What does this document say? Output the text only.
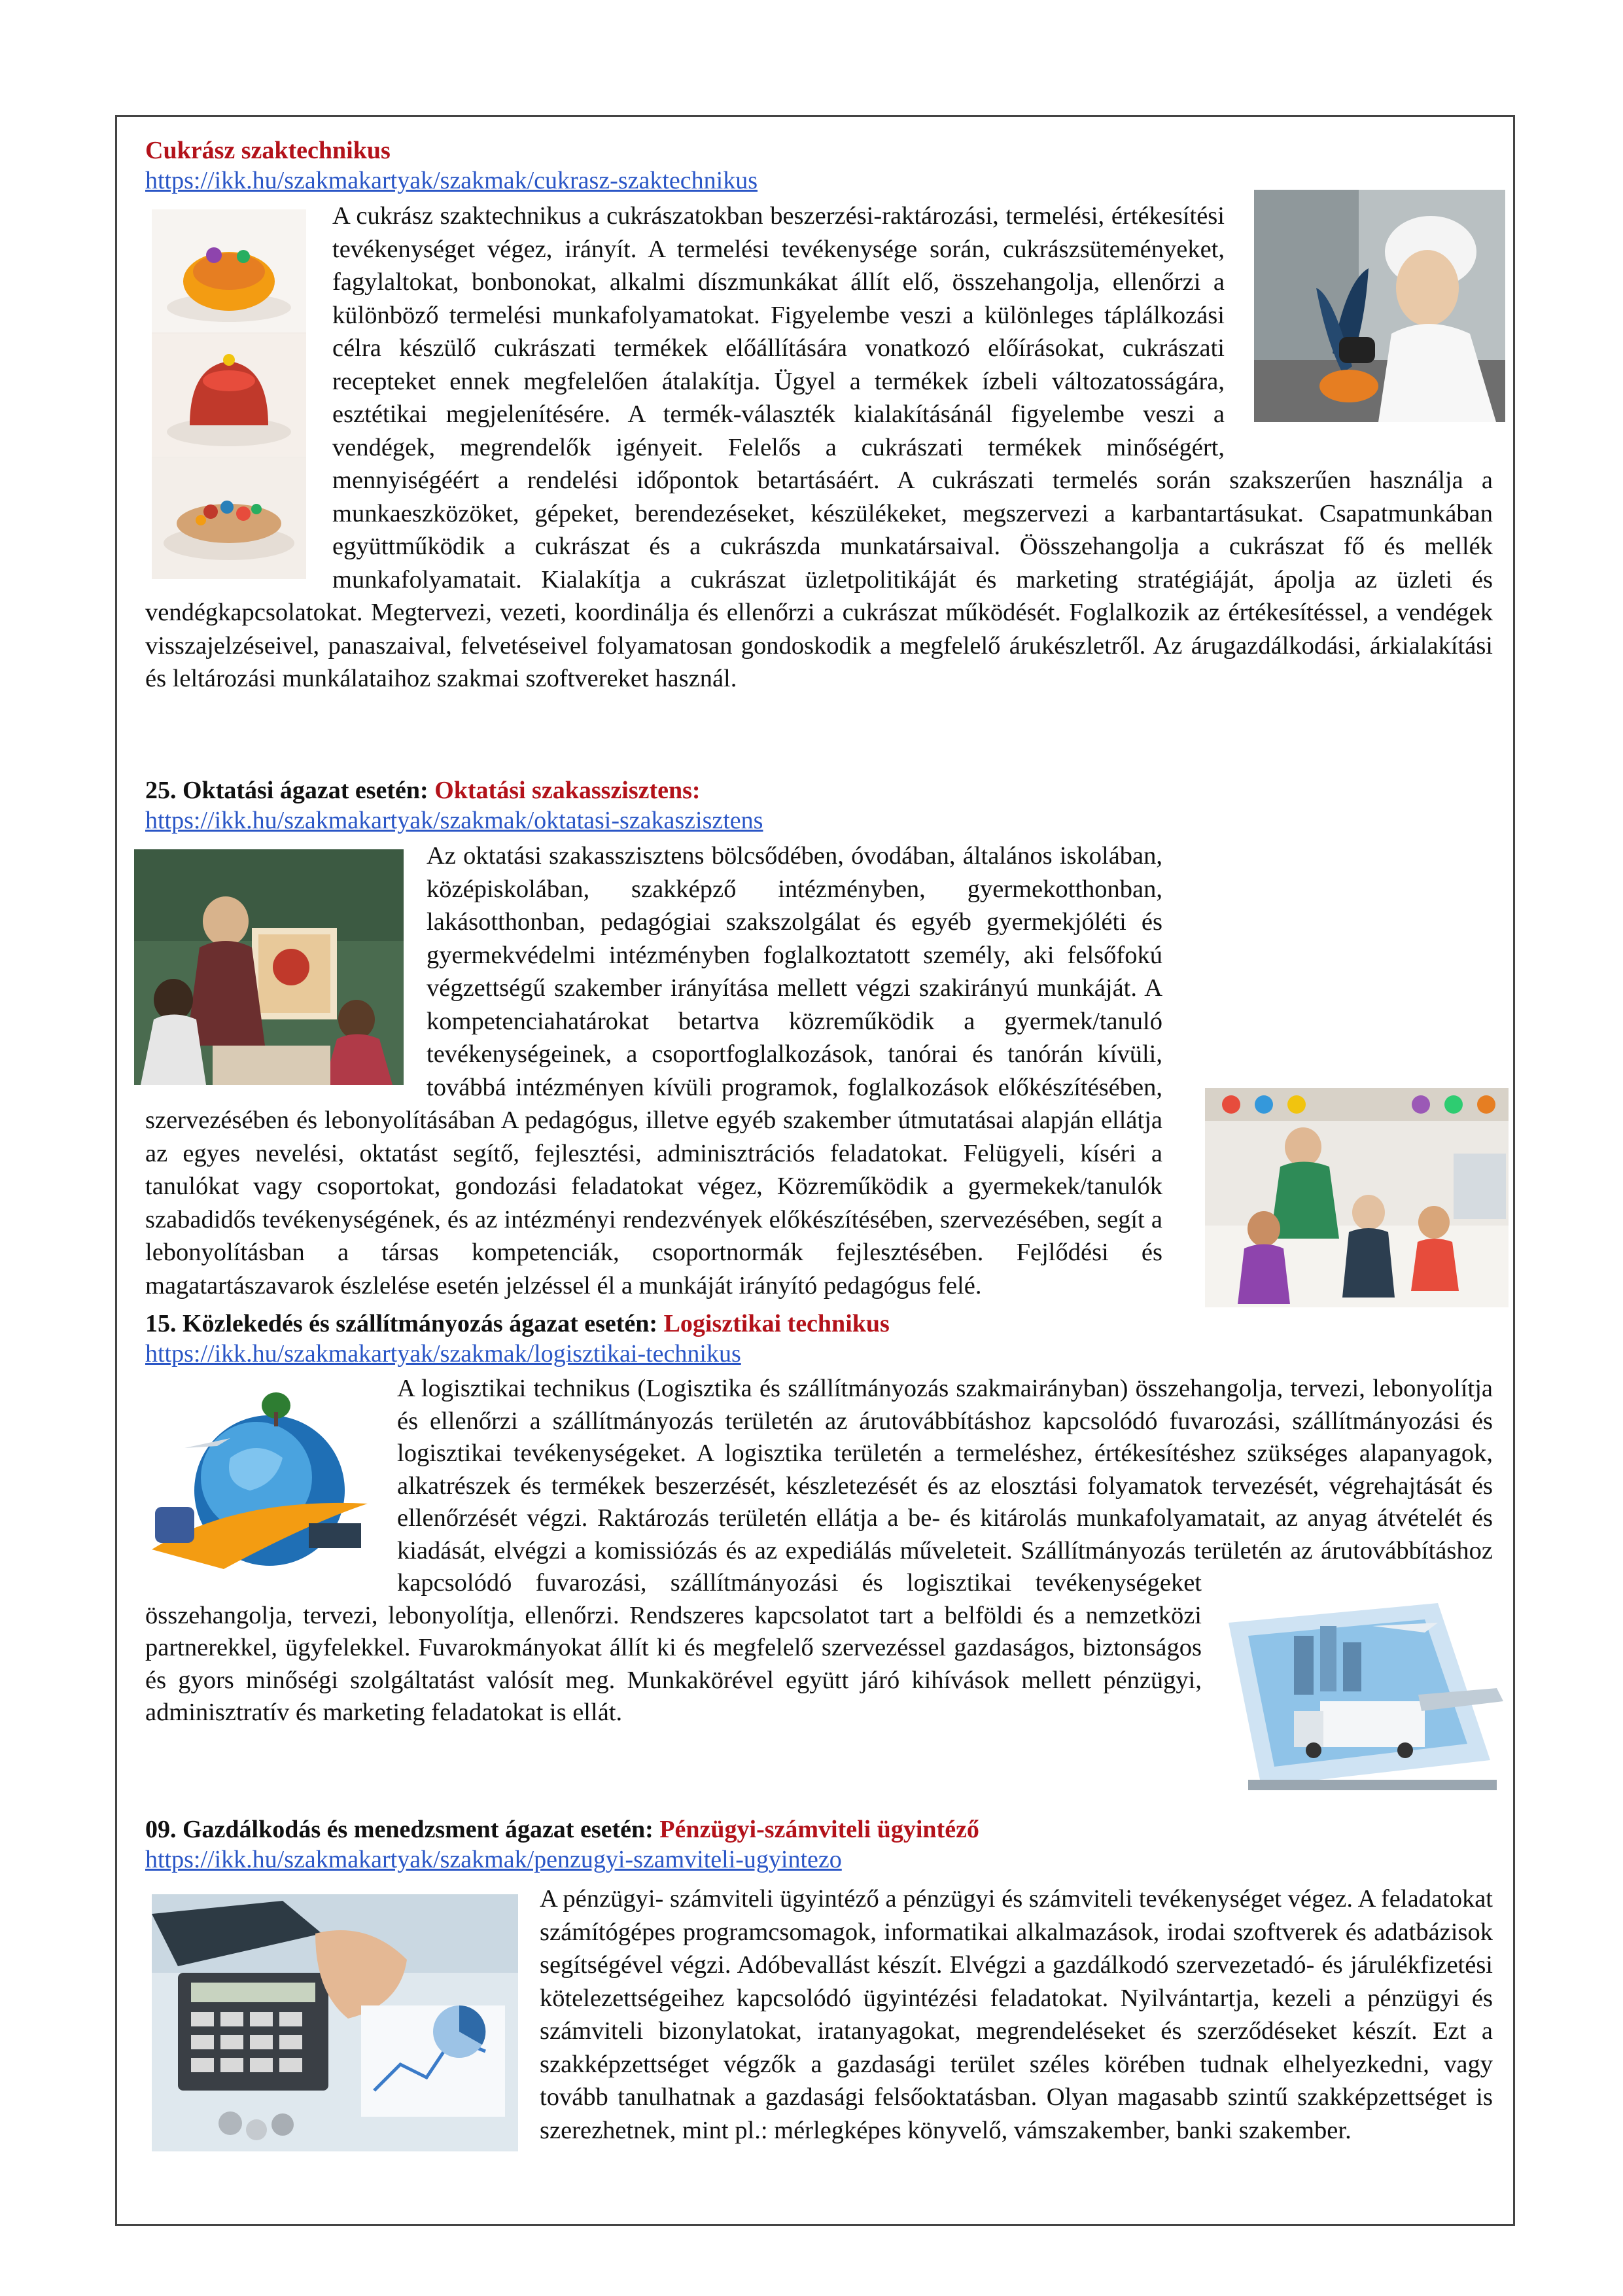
Cukrász szaktechnikus
https://ikk.hu/szakmakartyak/szakmak/cukrasz-szaktechnikus

A cukrász szaktechnikus a cukrászatokban beszerzési-raktározási, termelési, értékesítési tevékenységet végez, irányít. A termelési tevékenysége során, cukrászsüteményeket, fagylaltokat, bonbonokat, alkalmi díszmunkákat állít elő, összehangolja, ellenőrzi a különböző termelési munkafolyamatokat. Figyelembe veszi a különleges táplálkozási célra készülő cukrászati termékek előállítására vonatkozó előírásokat, cukrászati recepteket ennek megfelelően átalakítja. Ügyel a termékek ízbeli változatosságára, esztétikai megjelenítésére. A termék-választék kialakításánál figyelembe veszi a vendégek, megrendelők igényeit. Felelős a cukrászati termékek minőségért, mennyiségéért a rendelési időpontok betartásáért. A cukrászati termelés során szakszerűen használja a munkaeszközöket, gépeket, berendezéseket, készülékeket, megszervezi a karbantartásukat. Csapatmunkában együttműködik a cukrászat és a cukrászda munkatársaival. Öösszehangolja a cukrászat fő és mellék munkafolyamatait. Kialakítja a cukrászat üzletpolitikáját és marketing stratégiáját, ápolja az üzleti és vendégkapcsolatokat. Megtervezi, vezeti, koordinálja és ellenőrzi a cukrászat működését. Foglalkozik az értékesítéssel, a vendégek visszajelzéseivel, panaszaival, felvetéseivel folyamatosan gondoskodik a megfelelő árukészletről. Az árugazdálkodási, árkialakítási és leltározási munkálataihoz szakmai szoftvereket használ.

25. Oktatási ágazat esetén: Oktatási szakasszisztens:
https://ikk.hu/szakmakartyak/szakmak/oktatasi-szakaszisztens

Az oktatási szakasszisztens bölcsődében, óvodában, általános iskolában, középiskolában, szakképző intézményben, gyermekotthonban, lakásotthonban, pedagógiai szakszolgálat és egyéb gyermekjóléti és gyermekvédelmi intézményben foglalkoztatott személy, aki felsőfokú végzettségű szakember irányítása mellett végzi szakirányú munkáját. A kompetenciahatárokat betartva közreműködik a gyermek/tanuló tevékenységeinek, a csoportfoglalkozások, tanórai és tanórán kívüli, továbbá intézményen kívüli programok, foglalkozások előkészítésében, szervezésében és lebonyolításában A pedagógus, illetve egyéb szakember útmutatásai alapján ellátja az egyes nevelési, oktatást segítő, fejlesztési, adminisztrációs feladatokat. Felügyeli, kíséri a tanulókat vagy csoportokat, gondozási feladatokat végez, Közreműködik a gyermekek/tanulók szabadidős tevékenységének, és az intézményi rendezvények előkészítésében, szervezésében, segít a lebonyolításban a társas kompetenciák, csoportnormák fejlesztésében. Fejlődési és magatartászavarok észlelése esetén jelzéssel él a munkáját irányító pedagógus felé.

15. Közlekedés és szállítmányozás ágazat esetén: Logisztikai technikus
https://ikk.hu/szakmakartyak/szakmak/logisztikai-technikus

A logisztikai technikus (Logisztika és szállítmányozás szakmairányban) összehangolja, tervezi, lebonyolítja és ellenőrzi a szállítmányozás területén az árutovábbításhoz kapcsolódó fuvarozási, szállítmányozási és logisztikai tevékenységeket. A logisztika területén a termeléshez, értékesítéshez szükséges alapanyagok, alkatrészek és termékek beszerzését, készletezését és az elosztási folyamatok tervezését, végrehajtását és ellenőrzését végzi. Raktározás területén ellátja a be- és kitárolás munkafolyamatait, az anyag átvételét és kiadását, elvégzi a komissiózás és az expediálás műveleteit. Szállítmányozás területén az árutovábbításhoz kapcsolódó fuvarozási, szállítmányozási és logisztikai tevékenységeket összehangolja, tervezi, lebonyolítja, ellenőrzi. Rendszeres kapcsolatot tart a belföldi és a nemzetközi partnerekkel, ügyfelekkel. Fuvarokmányokat állít ki és megfelelő szervezéssel gazdaságos, biztonságos és gyors minőségi szolgáltatást valósít meg. Munkakörével együtt járó kihívások mellett pénzügyi, adminisztratív és marketing feladatokat is ellát.

09. Gazdálkodás és menedzsment ágazat esetén: Pénzügyi-számviteli ügyintéző
https://ikk.hu/szakmakartyak/szakmak/penzugyi-szamviteli-ugyintezo

A pénzügyi- számviteli ügyintéző a pénzügyi és számviteli tevékenységet végez. A feladatokat számítógépes programcsomagok, informatikai alkalmazások, irodai szoftverek és adatbázisok segítségével végzi. Adóbevallást készít. Elvégzi a gazdálkodó szervezetadó- és járulékfizetési kötelezettségeihez kapcsolódó ügyintézési feladatokat. Nyilvántartja, kezeli a pénzügyi és számviteli bizonylatokat, iratanyagokat, megrendeléseket és szerződéseket készít. Ezt a szakképzettséget végzők a gazdasági terület széles körében tudnak elhelyezkedni, vagy tovább tanulhatnak a gazdasági felsőoktatásban. Olyan magasabb szintű szakképzettséget is szerezhetnek, mint pl.: mérlegképes könyvelő, vámszakember, banki szakember.
